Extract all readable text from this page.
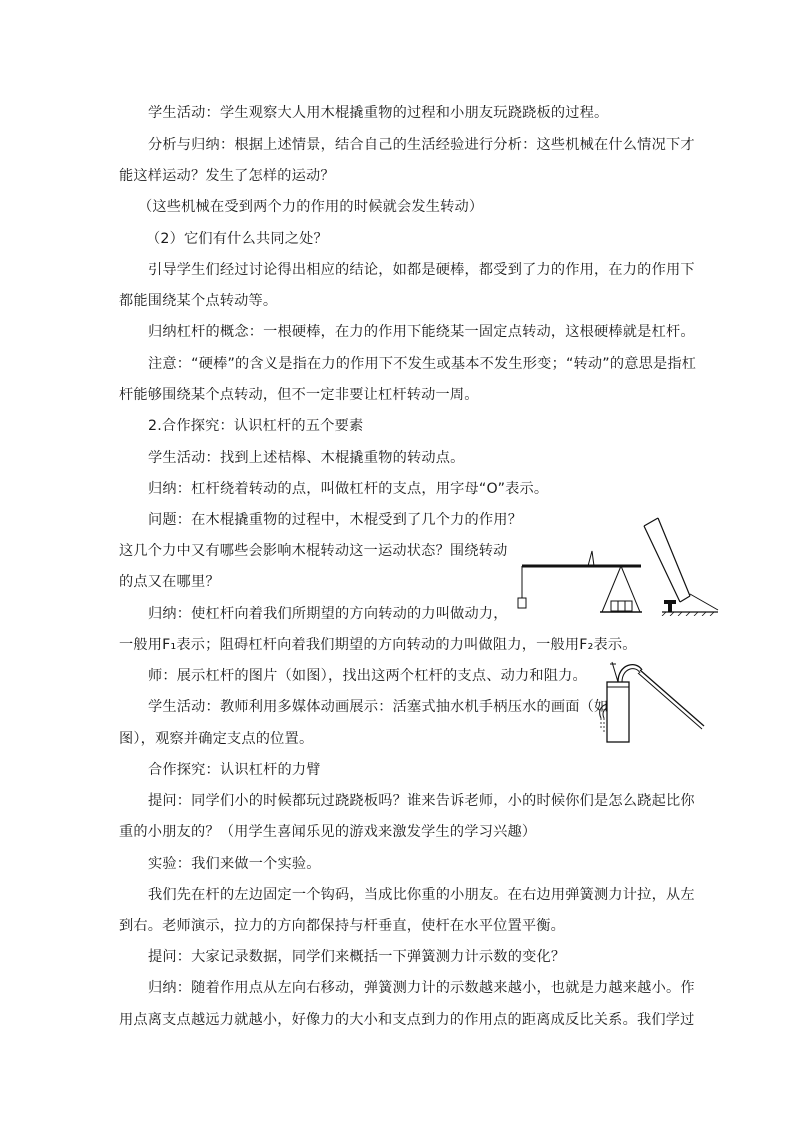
学生活动：学生观察大人用木棍撬重物的过程和小朋友玩跷跷板的过程。
分析与归纳：根据上述情景，结合自己的生活经验进行分析：这些机械在什么情况下才
能这样运动？发生了怎样的运动？
（这些机械在受到两个力的作用的时候就会发生转动）
（2）它们有什么共同之处？
引导学生们经过讨论得出相应的结论，如都是硬棒，都受到了力的作用，在力的作用下
都能围绕某个点转动等。
归纳杠杆的概念：一根硬棒，在力的作用下能绕某一固定点转动，这根硬棒就是杠杆。
注意：“硬棒”的含义是指在力的作用下不发生或基本不发生形变；“转动”的意思是指杠
杆能够围绕某个点转动，但不一定非要让杠杆转动一周。
2.合作探究：认识杠杆的五个要素
学生活动：找到上述桔槔、木棍撬重物的转动点。
归纳：杠杆绕着转动的点，叫做杠杆的支点，用字母“O”表示。
问题：在木棍撬重物的过程中，木棍受到了几个力的作用？
这几个力中又有哪些会影响木棍转动这一运动状态？围绕转动
的点又在哪里？
归纳：使杠杆向着我们所期望的方向转动的力叫做动力，
一般用F₁表示；阻碍杠杆向着我们期望的方向转动的力叫做阻力，一般用F₂表示。
师：展示杠杆的图片（如图），找出这两个杠杆的支点、动力和阻力。
学生活动：教师利用多媒体动画展示：活塞式抽水机手柄压水的画面（如
图），观察并确定支点的位置。
合作探究：认识杠杆的力臂
提问：同学们小的时候都玩过跷跷板吗？谁来告诉老师，小的时候你们是怎么跷起比你
重的小朋友的？（用学生喜闻乐见的游戏来激发学生的学习兴趣）
实验：我们来做一个实验。
我们先在杆的左边固定一个钩码，当成比你重的小朋友。在右边用弹簧测力计拉，从左
到右。老师演示，拉力的方向都保持与杆垂直，使杆在水平位置平衡。
提问：大家记录数据，同学们来概括一下弹簧测力计示数的变化？
归纳：随着作用点从左向右移动，弹簧测力计的示数越来越小，也就是力越来越小。作
用点离支点越远力就越小，好像力的大小和支点到力的作用点的距离成反比关系。我们学过
